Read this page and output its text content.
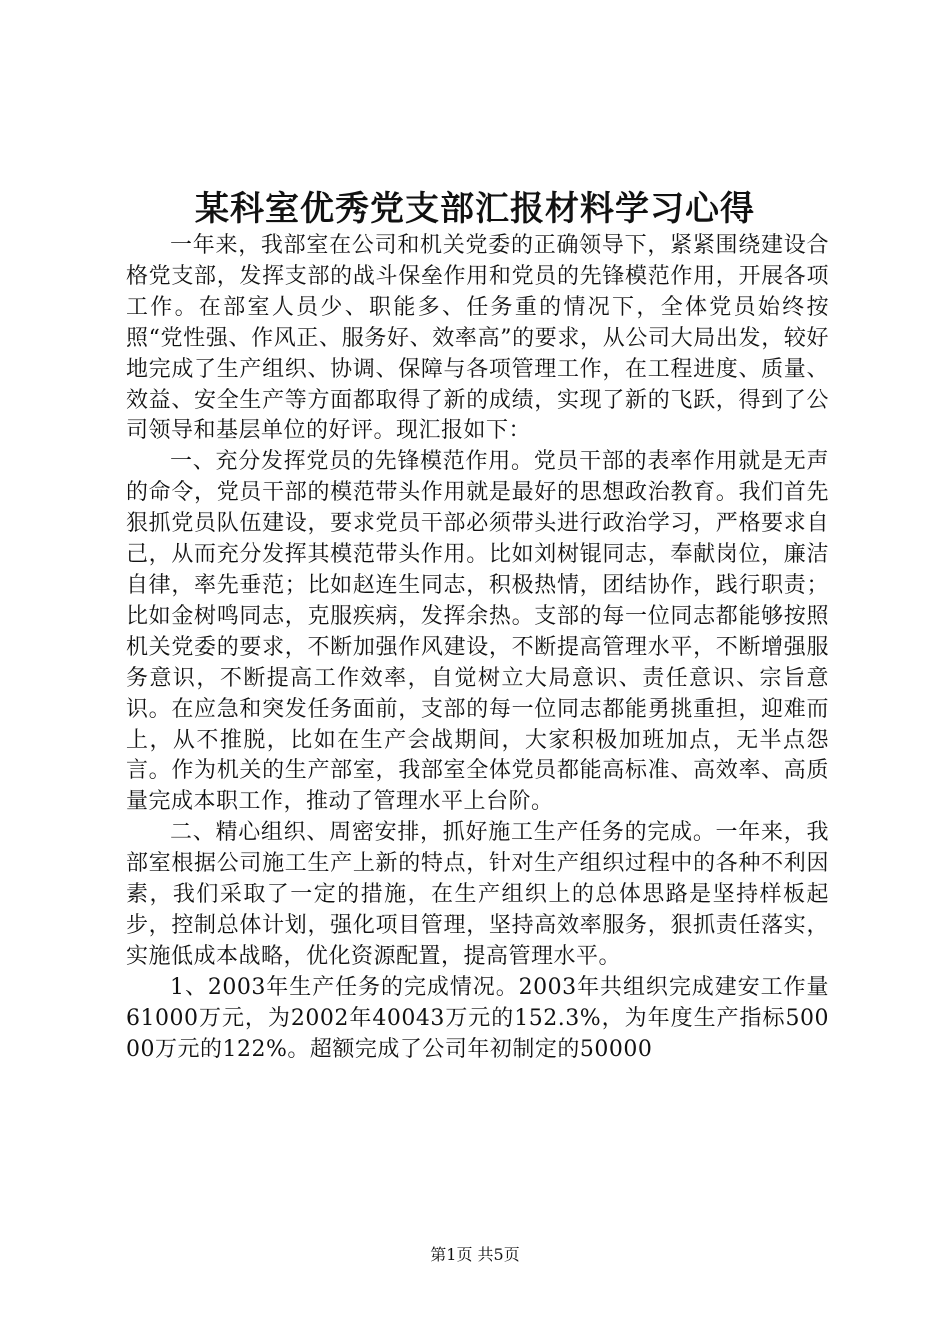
某科室优秀党支部汇报材料学习心得

一年来，我部室在公司和机关党委的正确领导下，紧紧围绕建设合格党支部，发挥支部的战斗保垒作用和党员的先锋模范作用，开展各项工作。在部室人员少、职能多、任务重的情况下，全体党员始终按照“党性强、作风正、服务好、效率高”的要求，从公司大局出发，较好地完成了生产组织、协调、保障与各项管理工作，在工程进度、质量、效益、安全生产等方面都取得了新的成绩，实现了新的飞跃，得到了公司领导和基层单位的好评。现汇报如下：

一、充分发挥党员的先锋模范作用。党员干部的表率作用就是无声的命令，党员干部的模范带头作用就是最好的思想政治教育。我们首先狠抓党员队伍建设，要求党员干部必须带头进行政治学习，严格要求自己，从而充分发挥其模范带头作用。比如刘树锟同志，奉献岗位，廉洁自律，率先垂范；比如赵连生同志，积极热情，团结协作，践行职责；比如金树鸣同志，克服疾病，发挥余热。支部的每一位同志都能够按照机关党委的要求，不断加强作风建设，不断提高管理水平，不断增强服务意识，不断提高工作效率，自觉树立大局意识、责任意识、宗旨意识。在应急和突发任务面前，支部的每一位同志都能勇挑重担，迎难而上，从不推脱，比如在生产会战期间，大家积极加班加点，无半点怨言。作为机关的生产部室，我部室全体党员都能高标准、高效率、高质量完成本职工作，推动了管理水平上台阶。

二、精心组织、周密安排，抓好施工生产任务的完成。一年来，我部室根据公司施工生产上新的特点，针对生产组织过程中的各种不利因素，我们采取了一定的措施，在生产组织上的总体思路是坚持样板起步，控制总体计划，强化项目管理，坚持高效率服务，狠抓责任落实，实施低成本战略，优化资源配置，提高管理水平。

1、2003年生产任务的完成情况。2003年共组织完成建安工作量61000万元，为2002年40043万元的152.3%，为年度生产指标50000万元的122%。超额完成了公司年初制定的50000

第1页 共5页
